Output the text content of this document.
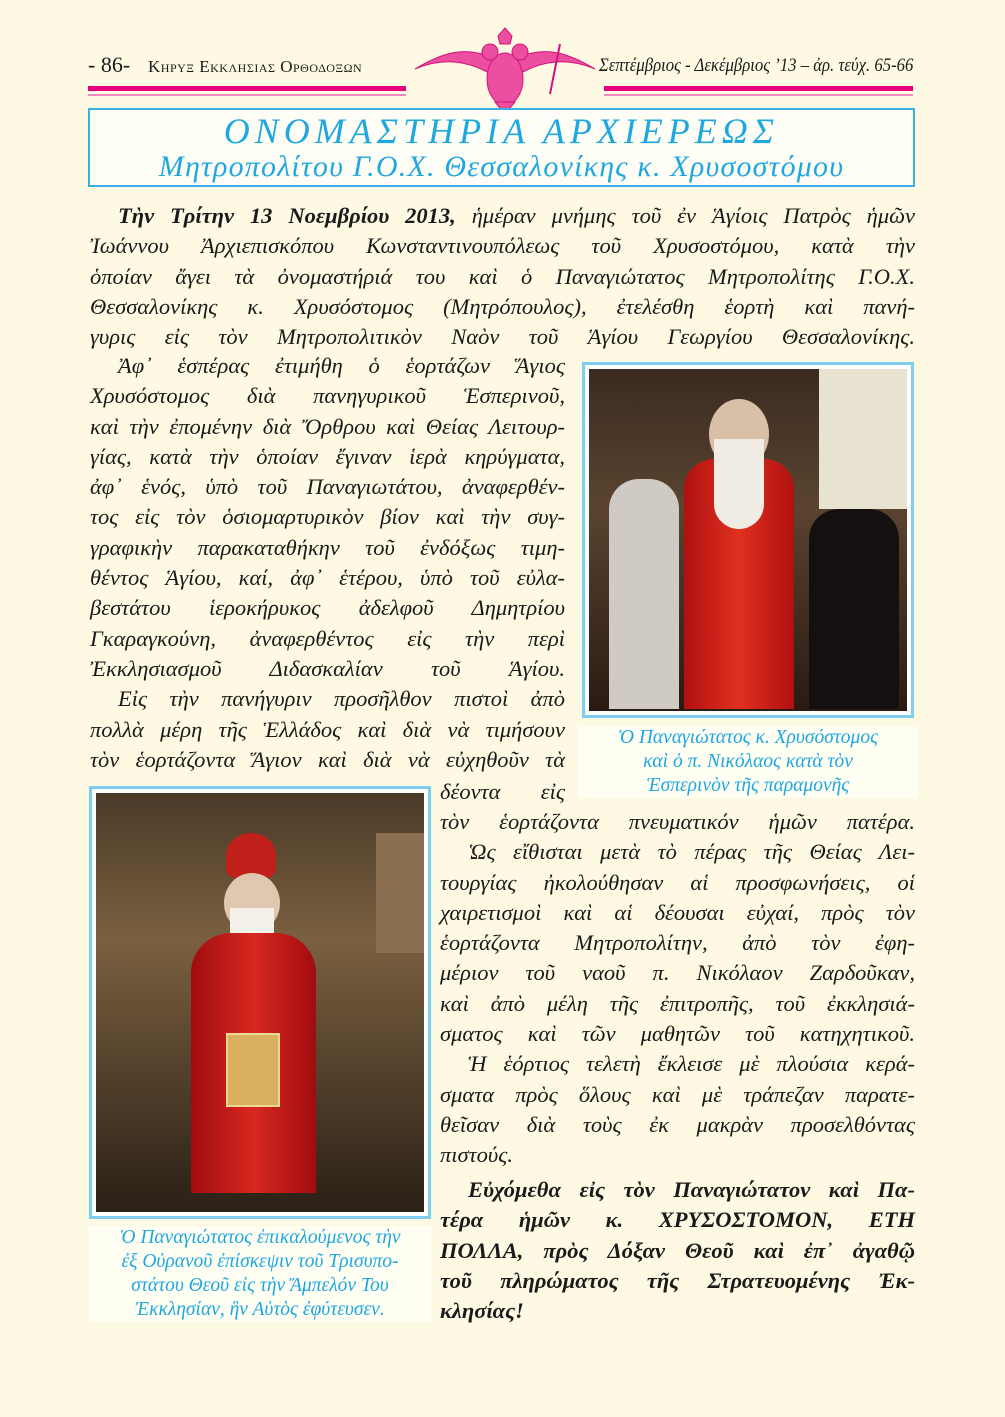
- 86- Κηρυξ Εκκλησιας Ορθοδοξων	Σεπτέμβριος - Δεκέμβριος ’13 – ἀρ. τεύχ. 65-66
ΟΝΟΜΑΣΤΗΡΙΑ ΑΡΧΙΕΡΕΩΣ
Μητροπολίτου Γ.Ο.Χ. Θεσσαλονίκης κ. Χρυσοστόμου
Τὴν Τρίτην 13 Νοεμβρίου 2013, ἡμέραν μνήμης τοῦ ἐν Ἁγίοις Πατρὸς ἡμῶν
Ἰωάννου Ἀρχιεπισκόπου Κωνσταντινουπόλεως τοῦ Χρυσοστόμου, κατὰ τὴν
ὁποίαν ἄγει τὰ ὀνομαστήριά του καὶ ὁ Παναγιώτατος Μητροπολίτης Γ.Ο.Χ.
Θεσσαλονίκης κ. Χρυσόστομος (Μητρόπουλος), ἐτελέσθη ἑορτὴ καὶ πανή-
γυρις εἰς τὸν Μητροπολιτικὸν Ναὸν τοῦ Ἁγίου Γεωργίου Θεσσαλονίκης.
Ἀφ᾽ ἑσπέρας ἐτιμήθη ὁ ἑορτάζων Ἅγιος
Χρυσόστομος διὰ πανηγυρικοῦ Ἑσπερινοῦ,
καὶ τὴν ἐπομένην διὰ Ὄρθρου καὶ Θείας Λειτουρ-
γίας, κατὰ τὴν ὁποίαν ἔγιναν ἱερὰ κηρύγματα,
ἀφ᾽ ἑνός, ὑπὸ τοῦ Παναγιωτάτου, ἀναφερθέν-
τος εἰς τὸν ὁσιομαρτυρικὸν βίον καὶ τὴν συγ-
γραφικὴν παρακαταθήκην τοῦ ἐνδόξως τιμη-
θέντος Ἁγίου, καί, ἀφ᾽ ἑτέρου, ὑπὸ τοῦ εὐλα-
βεστάτου ἱεροκήρυκος ἀδελφοῦ Δημητρίου
Γκαραγκούνη, ἀναφερθέντος εἰς τὴν περὶ
Ἐκκλησιασμοῦ Διδασκαλίαν τοῦ Ἁγίου.
Εἰς τὴν πανήγυριν προσῆλθον πιστοὶ ἀπὸ
πολλὰ μέρη τῆς Ἑλλάδος καὶ διὰ νὰ τιμήσουν
τὸν ἑορτάζοντα Ἅγιον καὶ διὰ νὰ εὐχηθοῦν τὰ
δέοντα εἰς
τὸν ἑορτάζοντα πνευματικόν ἡμῶν πατέρα.
Ὡς εἴθισται μετὰ τὸ πέρας τῆς Θείας Λει-
τουργίας ἠκολούθησαν αἱ προσφωνήσεις, οἱ
χαιρετισμοὶ καὶ αἱ δέουσαι εὐχαί, πρὸς τὸν
ἑορτάζοντα Μητροπολίτην, ἀπὸ τὸν ἐφη-
μέριον τοῦ ναοῦ π. Νικόλαον Ζαρδοῦκαν,
καὶ ἀπὸ μέλη τῆς ἐπιτροπῆς, τοῦ ἐκκλησιά-
σματος καὶ τῶν μαθητῶν τοῦ κατηχητικοῦ.
Ἡ ἑόρτιος τελετὴ ἔκλεισε μὲ πλούσια κερά-
σματα πρὸς ὅλους καὶ μὲ τράπεζαν παρατε-
θεῖσαν διὰ τοὺς ἐκ μακρὰν προσελθόντας
πιστούς.
Εὐχόμεθα εἰς τὸν Παναγιώτατον καὶ Πα-
τέρα ἡμῶν κ. ΧΡΥΣΟΣΤΟΜΟΝ, ΕΤΗ
ΠΟΛΛΑ, πρὸς Δόξαν Θεοῦ καὶ ἐπ᾽ ἀγαθῷ
τοῦ πληρώματος τῆς Στρατευομένης Ἐκ-
κλησίας!
Ὁ Παναγιώτατος κ. Χρυσόστομος
καὶ ὁ π. Νικόλαος κατὰ τὸν
Ἑσπερινὸν τῆς παραμονῆς
Ὁ Παναγιώτατος ἐπικαλούμενος τὴν
ἐξ Οὐρανοῦ ἐπίσκεψιν τοῦ Τρισυπο-
στάτου Θεοῦ εἰς τὴν Ἄμπελόν Του
Ἐκκλησίαν, ἣν Αὐτὸς ἐφύτευσεν.
